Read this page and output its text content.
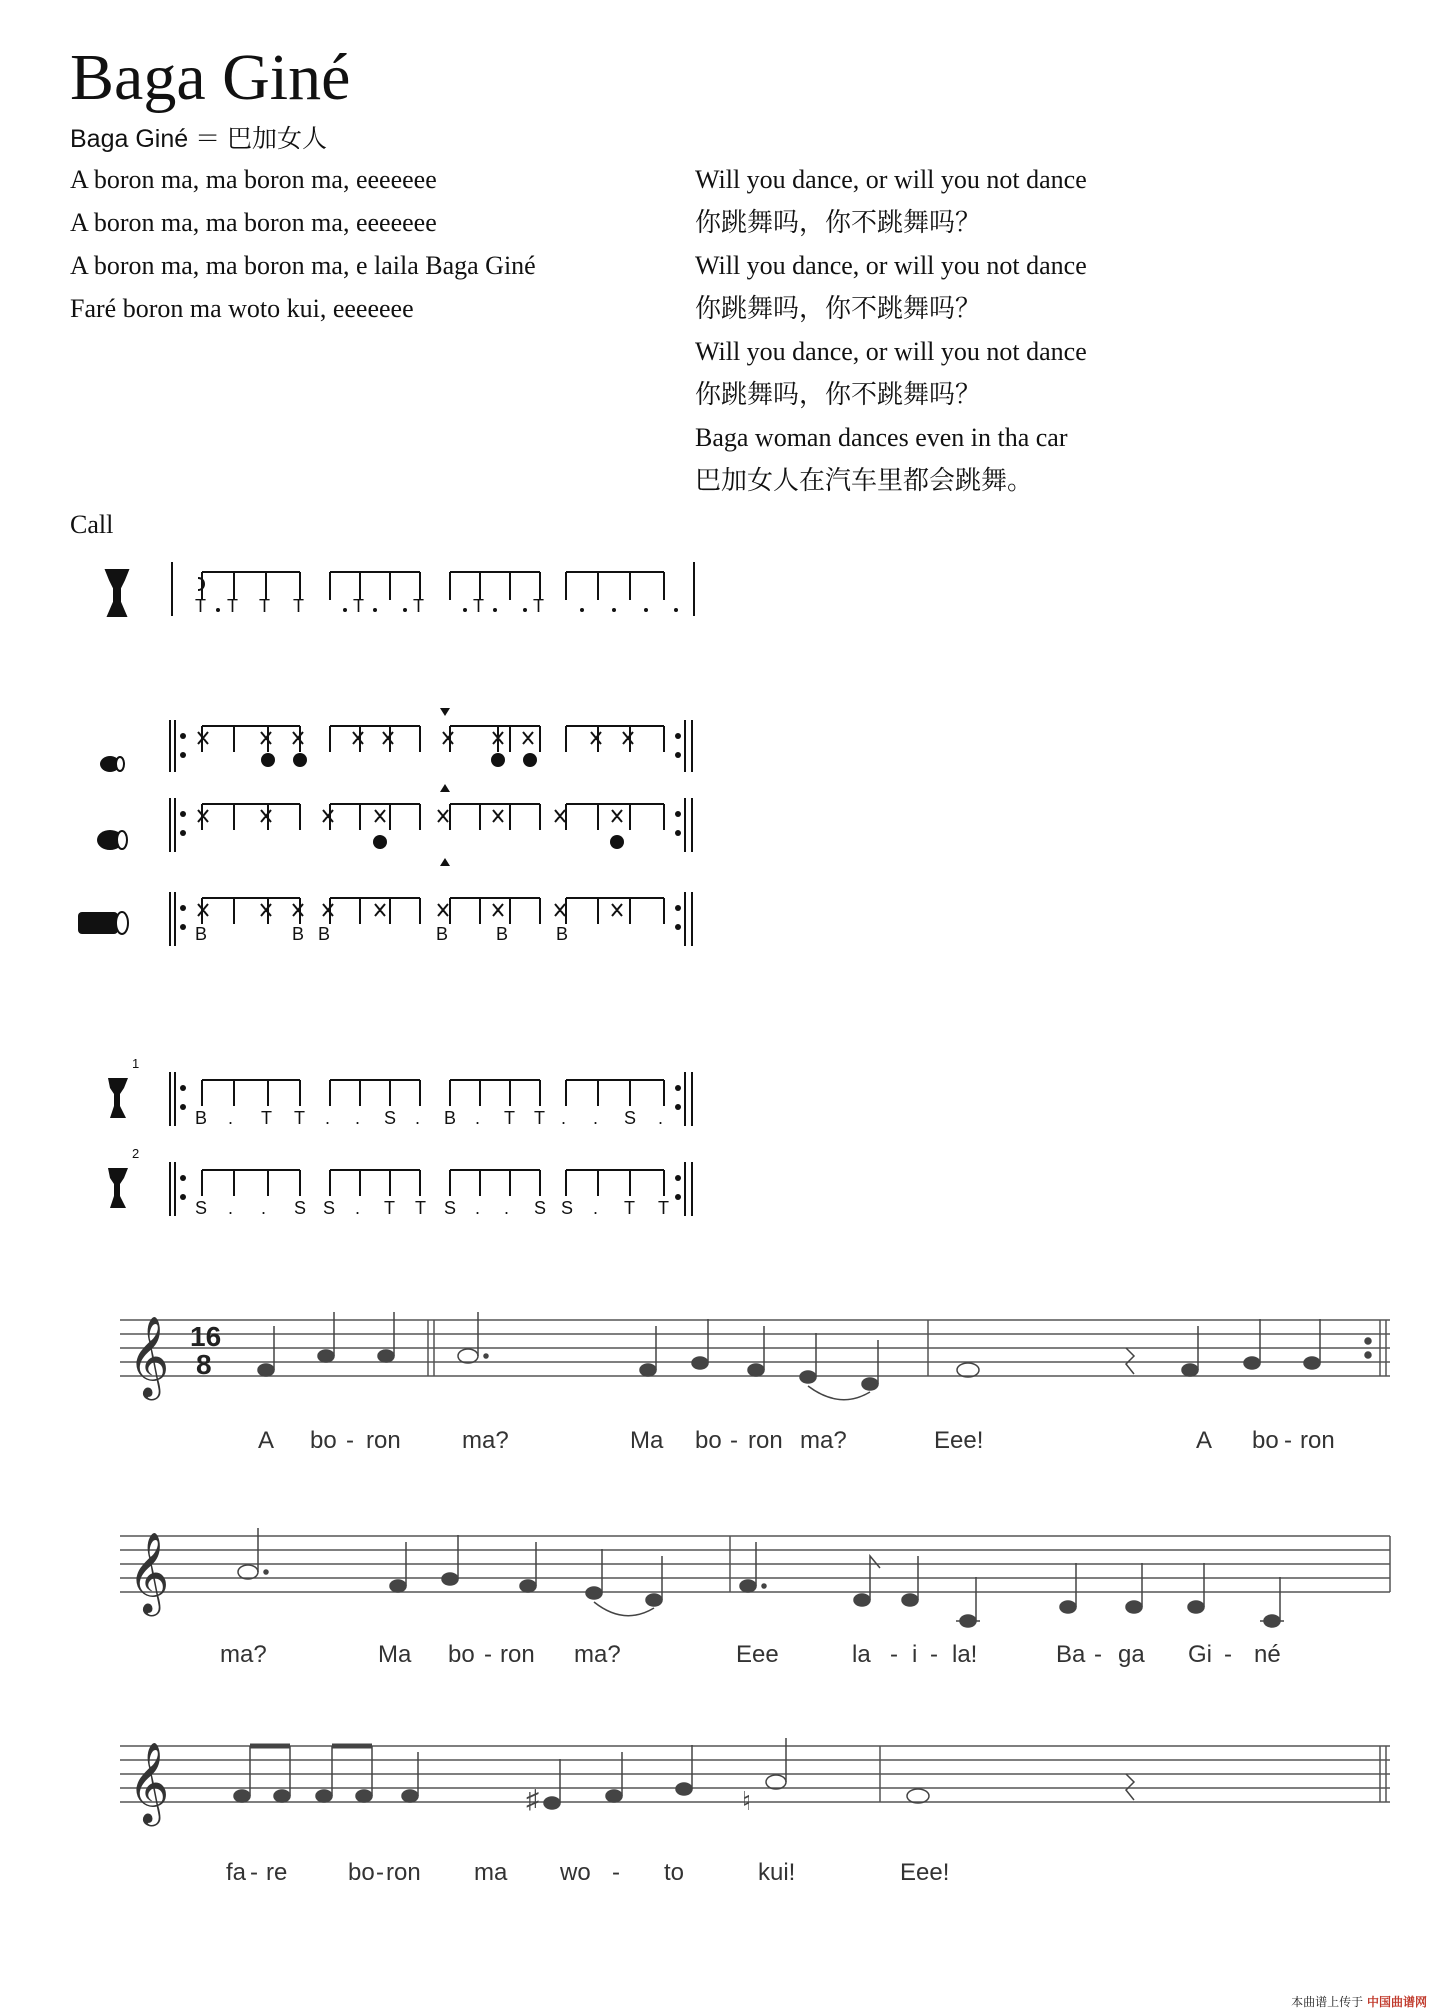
Baga Giné
Baga Giné ＝ 巴加女人
A boron ma, ma boron ma, eeeeeee
A boron ma, ma boron ma, eeeeeee
A boron ma, ma boron ma, e laila Baga Giné
Faré boron ma woto kui, eeeeeee
Will you dance, or will you not dance
你跳舞吗，你不跳舞吗？
Will you dance, or will you not dance
你跳舞吗，你不跳舞吗？
Will you dance, or will you not dance
你跳舞吗，你不跳舞吗？
Baga woman dances even in tha car
巴加女人在汽车里都会跳舞。
Call
T T T T	T	T	T	T
B	B B	B	B	B
1
B . T T . . S . B . T T . . S .
2
S . . S S . T T S . . S S . T T
𝄞
𝄞
𝄞
16
8
A bo - ron	ma?	Ma bo - ron ma?	Eee!	A bo - ron
ma?	Ma bo - ron ma?	Eee	la - i - la!	Ba - ga Gi - né
♯	♮
fa - re	bo - ron ma wo - to	kui!	Eee!
本曲谱上传于 中国曲谱网
